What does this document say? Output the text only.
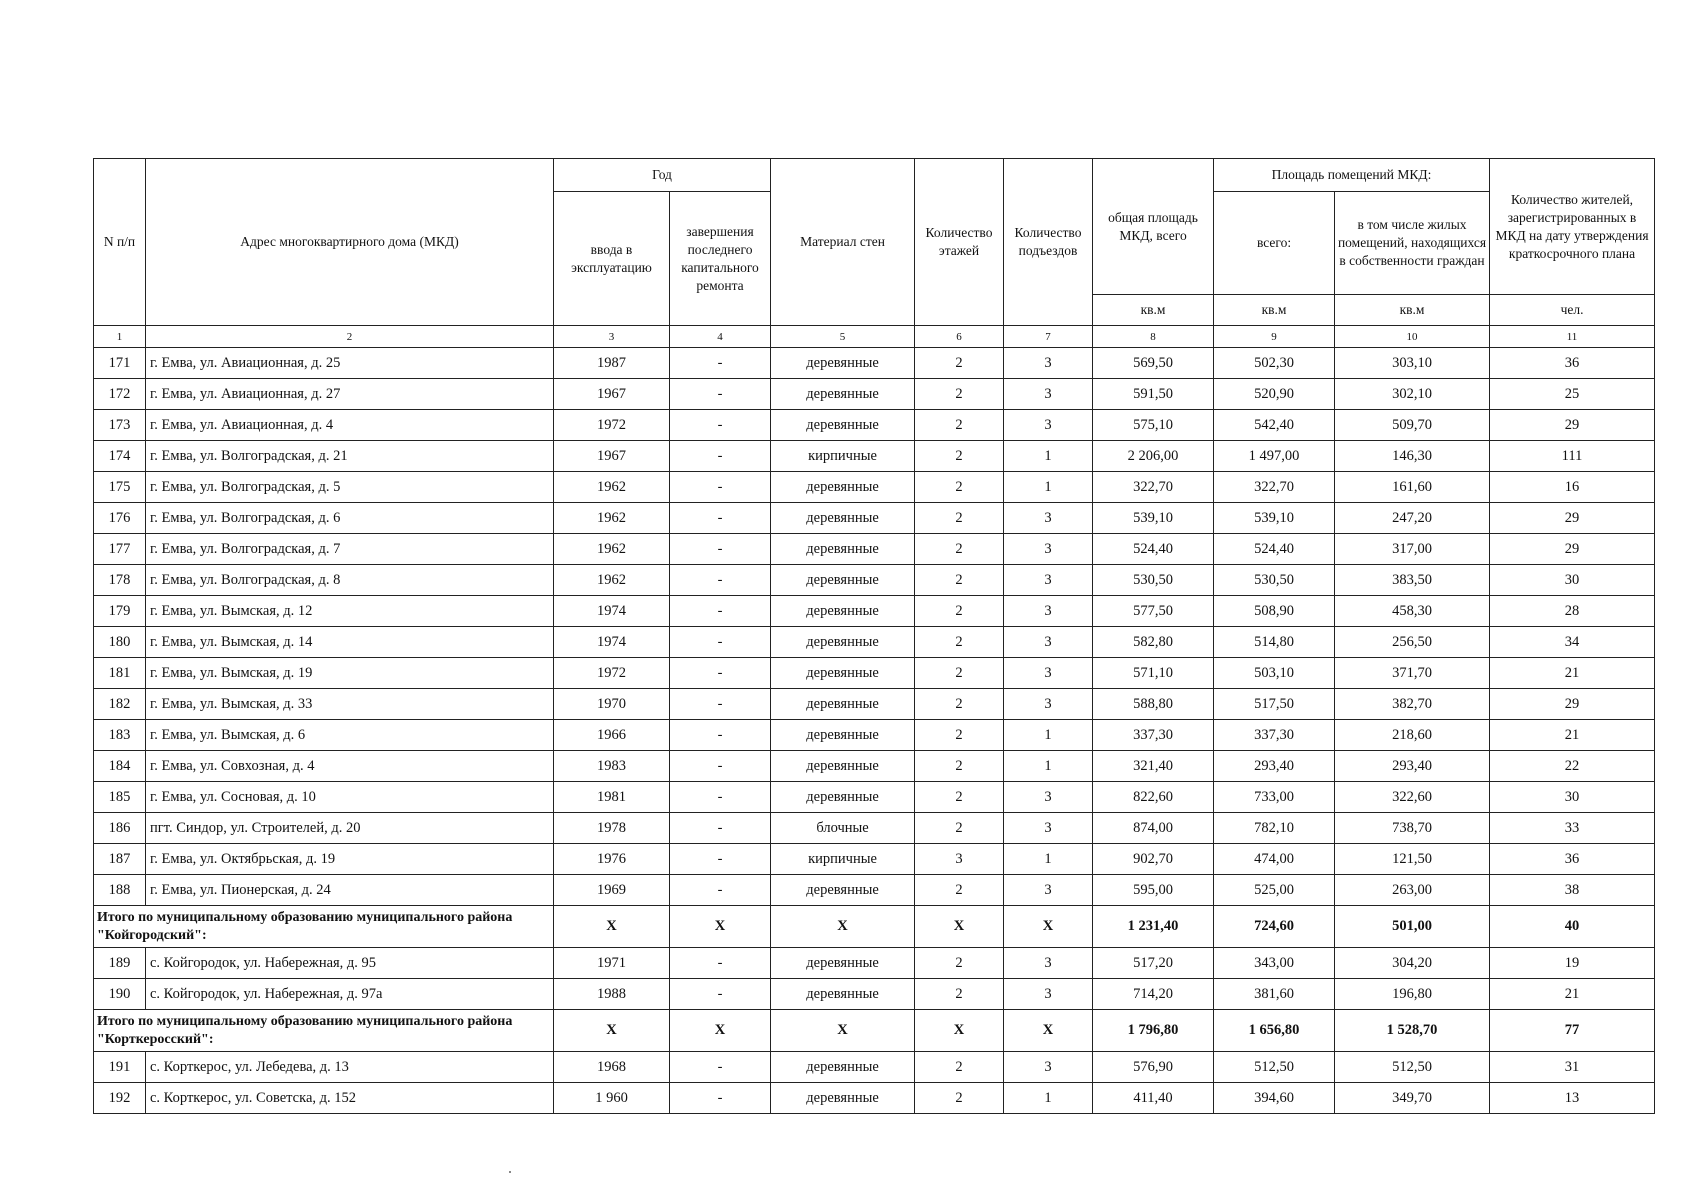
N п/п	Адрес многоквартирного дома (МКД)	Год		Материал стен	Количество этажей	Количество подъездов	общая площадь МКД, всего	Площадь помещений МКД:		Количество жителей, зарегистрированных в МКД на дату утверждения краткосрочного плана
		ввода в эксплуатацию	завершения последнего капитального ремонта					всего:	в том числе жилых помещений, находящихся в собственности граждан	
							кв.м	кв.м	кв.м	чел.
1	2	3	4	5	6	7	8	9	10	11
171	г. Емва, ул. Авиационная, д. 25	1987	-	деревянные	2	3	569,50	502,30	303,10	36
172	г. Емва, ул. Авиационная, д. 27	1967	-	деревянные	2	3	591,50	520,90	302,10	25
173	г. Емва, ул. Авиационная, д. 4	1972	-	деревянные	2	3	575,10	542,40	509,70	29
174	г. Емва, ул. Волгоградская, д. 21	1967	-	кирпичные	2	1	2 206,00	1 497,00	146,30	111
175	г. Емва, ул. Волгоградская, д. 5	1962	-	деревянные	2	1	322,70	322,70	161,60	16
176	г. Емва, ул. Волгоградская, д. 6	1962	-	деревянные	2	3	539,10	539,10	247,20	29
177	г. Емва, ул. Волгоградская, д. 7	1962	-	деревянные	2	3	524,40	524,40	317,00	29
178	г. Емва, ул. Волгоградская, д. 8	1962	-	деревянные	2	3	530,50	530,50	383,50	30
179	г. Емва, ул. Вымская, д. 12	1974	-	деревянные	2	3	577,50	508,90	458,30	28
180	г. Емва, ул. Вымская, д. 14	1974	-	деревянные	2	3	582,80	514,80	256,50	34
181	г. Емва, ул. Вымская, д. 19	1972	-	деревянные	2	3	571,10	503,10	371,70	21
182	г. Емва, ул. Вымская, д. 33	1970	-	деревянные	2	3	588,80	517,50	382,70	29
183	г. Емва, ул. Вымская, д. 6	1966	-	деревянные	2	1	337,30	337,30	218,60	21
184	г. Емва, ул. Совхозная, д. 4	1983	-	деревянные	2	1	321,40	293,40	293,40	22
185	г. Емва, ул. Сосновая, д. 10	1981	-	деревянные	2	3	822,60	733,00	322,60	30
186	пгт. Синдор, ул. Строителей, д. 20	1978	-	блочные	2	3	874,00	782,10	738,70	33
187	г. Емва, ул. Октябрьская, д. 19	1976	-	кирпичные	3	1	902,70	474,00	121,50	36
188	г. Емва, ул. Пионерская, д. 24	1969	-	деревянные	2	3	595,00	525,00	263,00	38
Итого по муниципальному образованию муниципального района "Койгородский":		X	X	X	X	X	1 231,40	724,60	501,00	40
189	с. Койгородок, ул. Набережная, д. 95	1971	-	деревянные	2	3	517,20	343,00	304,20	19
190	с. Койгородок, ул. Набережная, д. 97а	1988	-	деревянные	2	3	714,20	381,60	196,80	21
Итого по муниципальному образованию муниципального района "Корткеросский":		X	X	X	X	X	1 796,80	1 656,80	1 528,70	77
191	с. Корткерос, ул. Лебедева, д. 13	1968	-	деревянные	2	3	576,90	512,50	512,50	31
192	с. Корткерос, ул. Советска, д. 152	1 960	-	деревянные	2	1	411,40	394,60	349,70	13
